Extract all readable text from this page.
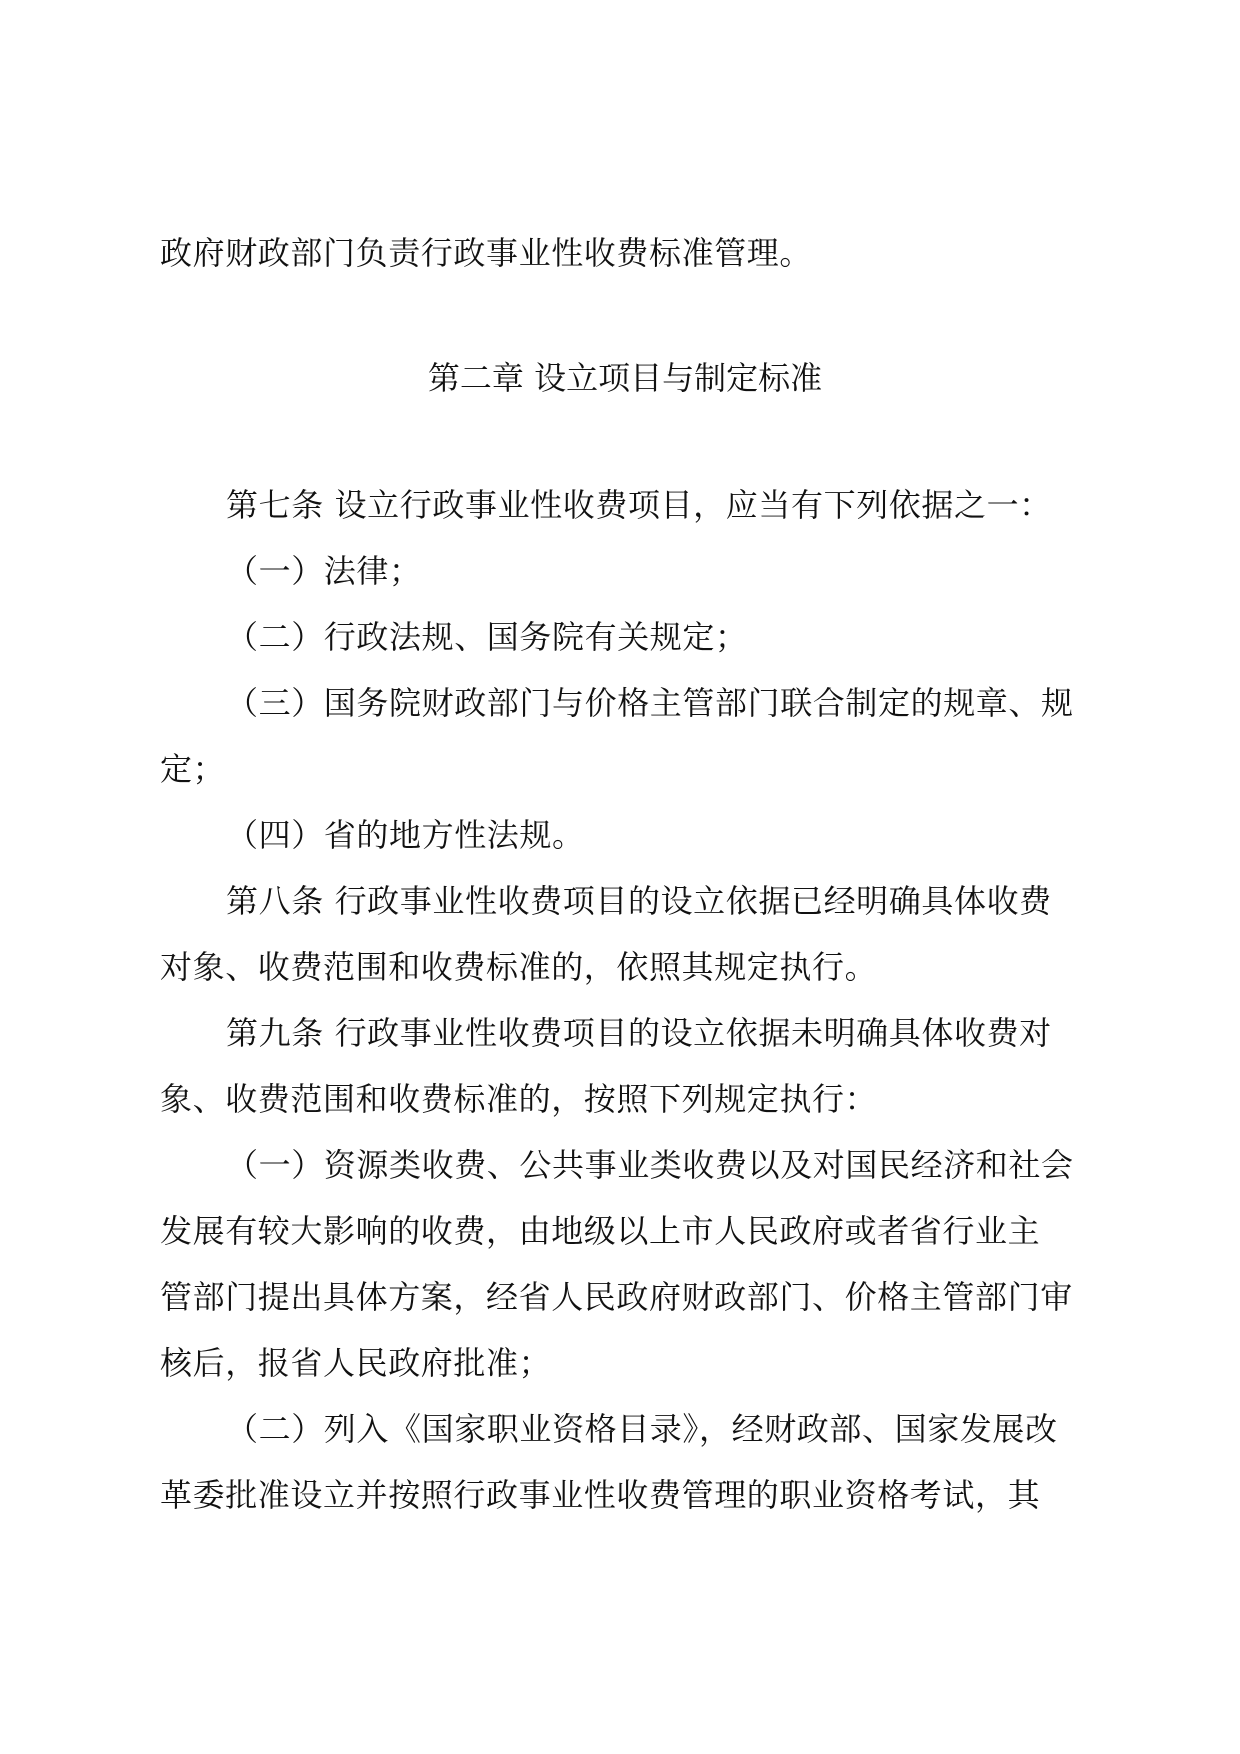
政府财政部门负责行政事业性收费标准管理。
第二章 设立项目与制定标准
第七条 设立行政事业性收费项目，应当有下列依据之一：
（一）法律；
（二）行政法规、国务院有关规定；
（三）国务院财政部门与价格主管部门联合制定的规章、规
定；
（四）省的地方性法规。
第八条 行政事业性收费项目的设立依据已经明确具体收费
对象、收费范围和收费标准的，依照其规定执行。
第九条 行政事业性收费项目的设立依据未明确具体收费对
象、收费范围和收费标准的，按照下列规定执行：
（一）资源类收费、公共事业类收费以及对国民经济和社会
发展有较大影响的收费，由地级以上市人民政府或者省行业主
管部门提出具体方案，经省人民政府财政部门、价格主管部门审
核后，报省人民政府批准；
（二）列入《国家职业资格目录》，经财政部、国家发展改
革委批准设立并按照行政事业性收费管理的职业资格考试，其
